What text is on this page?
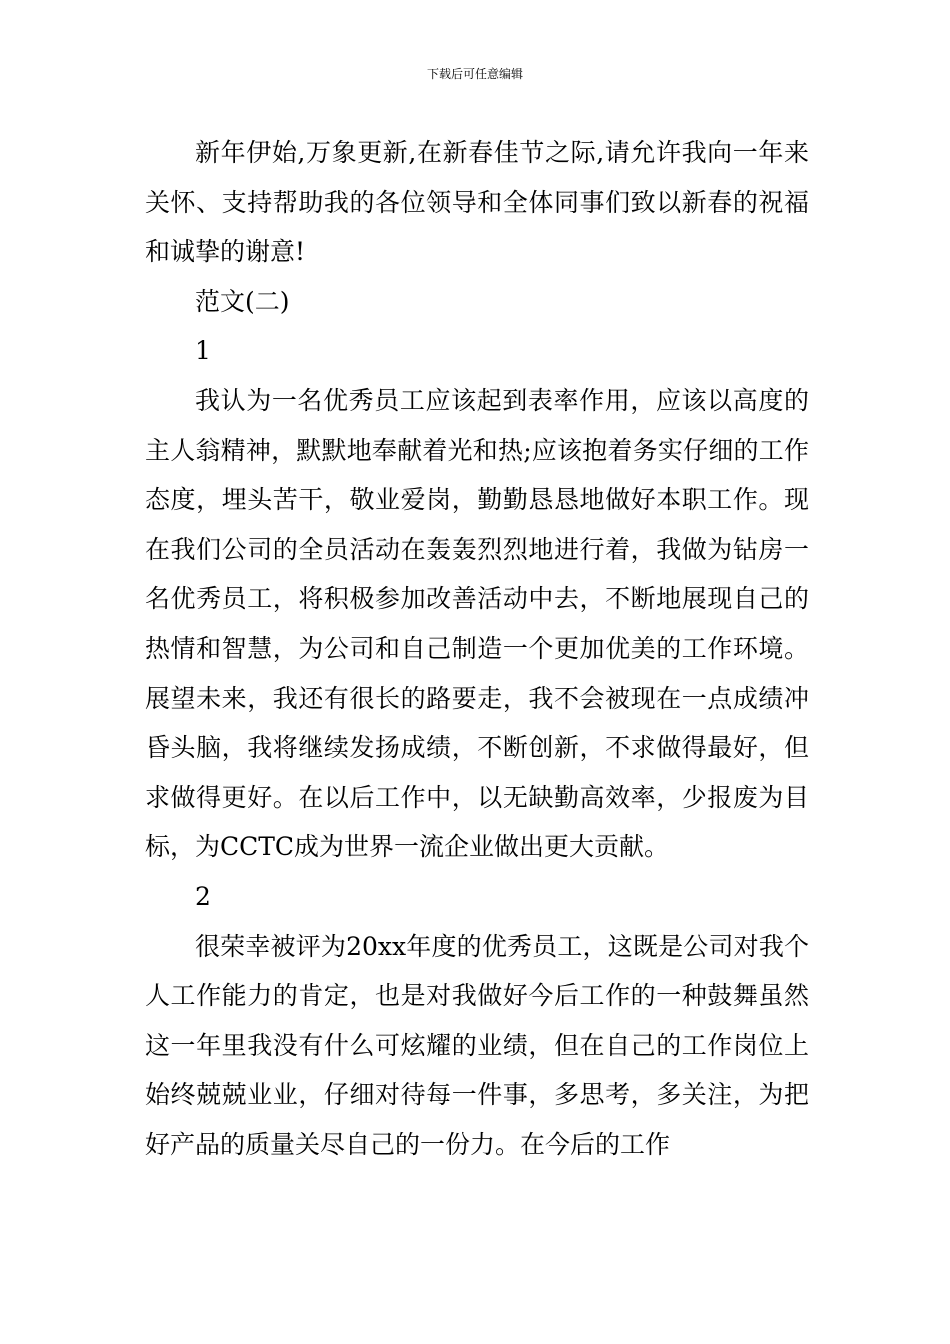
下载后可任意编辑

新年伊始,万象更新,在新春佳节之际,请允许我向一年来关怀、支持帮助我的各位领导和全体同事们致以新春的祝福和诚挚的谢意!

范文(二)

1

我认为一名优秀员工应该起到表率作用，应该以高度的主人翁精神，默默地奉献着光和热;应该抱着务实仔细的工作态度，埋头苦干，敬业爱岗，勤勤恳恳地做好本职工作。现在我们公司的全员活动在轰轰烈烈地进行着，我做为钻房一名优秀员工，将积极参加改善活动中去，不断地展现自己的热情和智慧，为公司和自己制造一个更加优美的工作环境。展望未来，我还有很长的路要走，我不会被现在一点成绩冲昏头脑，我将继续发扬成绩，不断创新，不求做得最好，但求做得更好。在以后工作中，以无缺勤高效率，少报废为目标，为CCTC成为世界一流企业做出更大贡献。

2

很荣幸被评为20xx年度的优秀员工，这既是公司对我个人工作能力的肯定，也是对我做好今后工作的一种鼓舞虽然这一年里我没有什么可炫耀的业绩，但在自己的工作岗位上始终兢兢业业，仔细对待每一件事，多思考，多关注，为把好产品的质量关尽自己的一份力。在今后的工作
